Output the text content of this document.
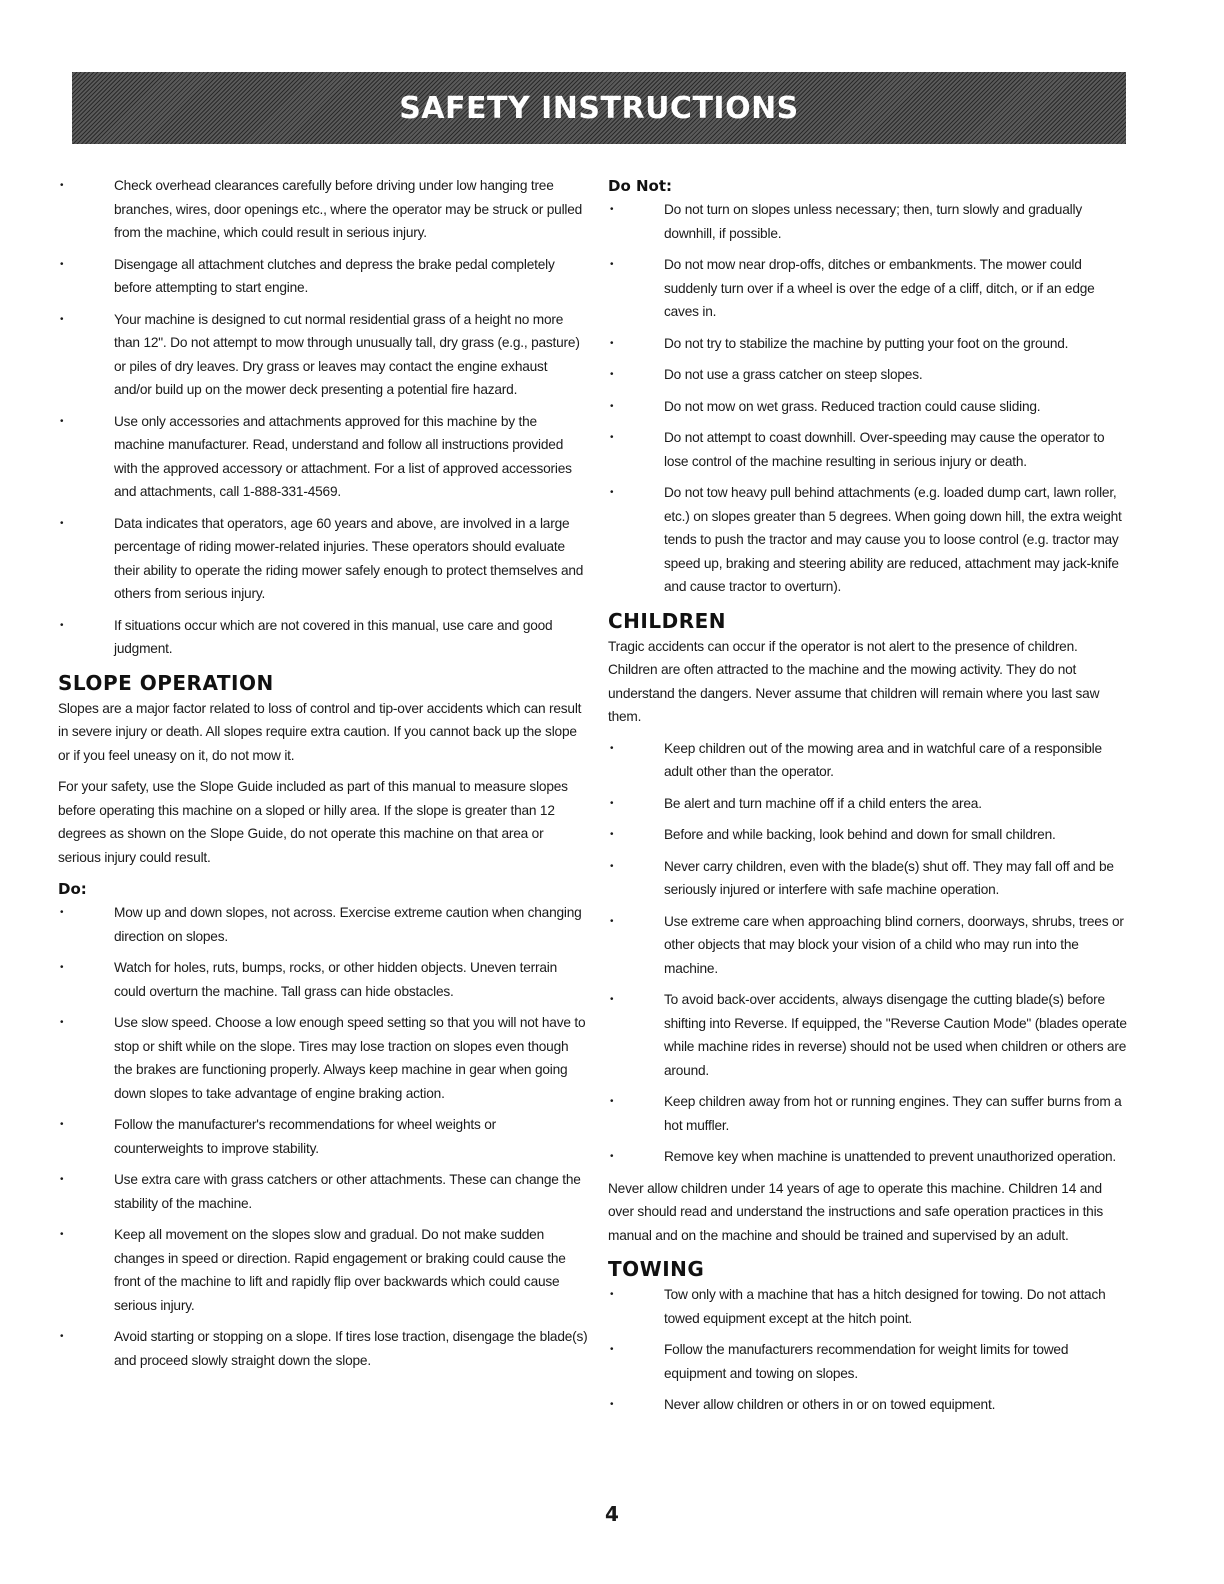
SAFETY INSTRUCTIONS
• Check overhead clearances carefully before driving under low hanging tree branches, wires, door openings etc., where the operator may be struck or pulled from the machine, which could result in serious injury.
• Disengage all attachment clutches and depress the brake pedal completely before attempting to start engine.
• Your machine is designed to cut normal residential grass of a height no more than 12". Do not attempt to mow through unusually tall, dry grass (e.g., pasture) or piles of dry leaves. Dry grass or leaves may contact the engine exhaust and/or build up on the mower deck presenting a potential fire hazard.
• Use only accessories and attachments approved for this machine by the machine manufacturer. Read, understand and follow all instructions provided with the approved accessory or attachment. For a list of approved accessories and attachments, call 1-888-331-4569.
• Data indicates that operators, age 60 years and above, are involved in a large percentage of riding mower-related injuries. These operators should evaluate their ability to operate the riding mower safely enough to protect themselves and others from serious injury.
• If situations occur which are not covered in this manual, use care and good judgment.
SLOPE OPERATION

Slopes are a major factor related to loss of control and tip-over accidents which can result in severe injury or death. All slopes require extra caution. If you cannot back up the slope or if you feel uneasy on it, do not mow it.

For your safety, use the Slope Guide included as part of this manual to measure slopes before operating this machine on a sloped or hilly area. If the slope is greater than 12 degrees as shown on the Slope Guide, do not operate this machine on that area or serious injury could result.

Do:
• Mow up and down slopes, not across. Exercise extreme caution when changing direction on slopes.
• Watch for holes, ruts, bumps, rocks, or other hidden objects. Uneven terrain could overturn the machine. Tall grass can hide obstacles.
• Use slow speed. Choose a low enough speed setting so that you will not have to stop or shift while on the slope. Tires may lose traction on slopes even though the brakes are functioning properly. Always keep machine in gear when going down slopes to take advantage of engine braking action.
• Follow the manufacturer's recommendations for wheel weights or counterweights to improve stability.
• Use extra care with grass catchers or other attachments. These can change the stability of the machine.
• Keep all movement on the slopes slow and gradual. Do not make sudden changes in speed or direction. Rapid engagement or braking could cause the front of the machine to lift and rapidly flip over backwards which could cause serious injury.
• Avoid starting or stopping on a slope. If tires lose traction, disengage the blade(s) and proceed slowly straight down the slope.
Do Not:
• Do not turn on slopes unless necessary; then, turn slowly and gradually downhill, if possible.
• Do not mow near drop-offs, ditches or embankments. The mower could suddenly turn over if a wheel is over the edge of a cliff, ditch, or if an edge caves in.
• Do not try to stabilize the machine by putting your foot on the ground.
• Do not use a grass catcher on steep slopes.
• Do not mow on wet grass. Reduced traction could cause sliding.
• Do not attempt to coast downhill. Over-speeding may cause the operator to lose control of the machine resulting in serious injury or death.
• Do not tow heavy pull behind attachments (e.g. loaded dump cart, lawn roller, etc.) on slopes greater than 5 degrees. When going down hill, the extra weight tends to push the tractor and may cause you to loose control (e.g. tractor may speed up, braking and steering ability are reduced, attachment may jack-knife and cause tractor to overturn).
CHILDREN

Tragic accidents can occur if the operator is not alert to the presence of children. Children are often attracted to the machine and the mowing activity. They do not understand the dangers. Never assume that children will remain where you last saw them.

• Keep children out of the mowing area and in watchful care of a responsible adult other than the operator.
• Be alert and turn machine off if a child enters the area.
• Before and while backing, look behind and down for small children.
• Never carry children, even with the blade(s) shut off. They may fall off and be seriously injured or interfere with safe machine operation.
• Use extreme care when approaching blind corners, doorways, shrubs, trees or other objects that may block your vision of a child who may run into the machine.
• To avoid back-over accidents, always disengage the cutting blade(s) before shifting into Reverse. If equipped, the "Reverse Caution Mode" (blades operate while machine rides in reverse) should not be used when children or others are around.
• Keep children away from hot or running engines. They can suffer burns from a hot muffler.
• Remove key when machine is unattended to prevent unauthorized operation.

Never allow children under 14 years of age to operate this machine. Children 14 and over should read and understand the instructions and safe operation practices in this manual and on the machine and should be trained and supervised by an adult.

TOWING
• Tow only with a machine that has a hitch designed for towing. Do not attach towed equipment except at the hitch point.
• Follow the manufacturers recommendation for weight limits for towed equipment and towing on slopes.
• Never allow children or others in or on towed equipment.
4
